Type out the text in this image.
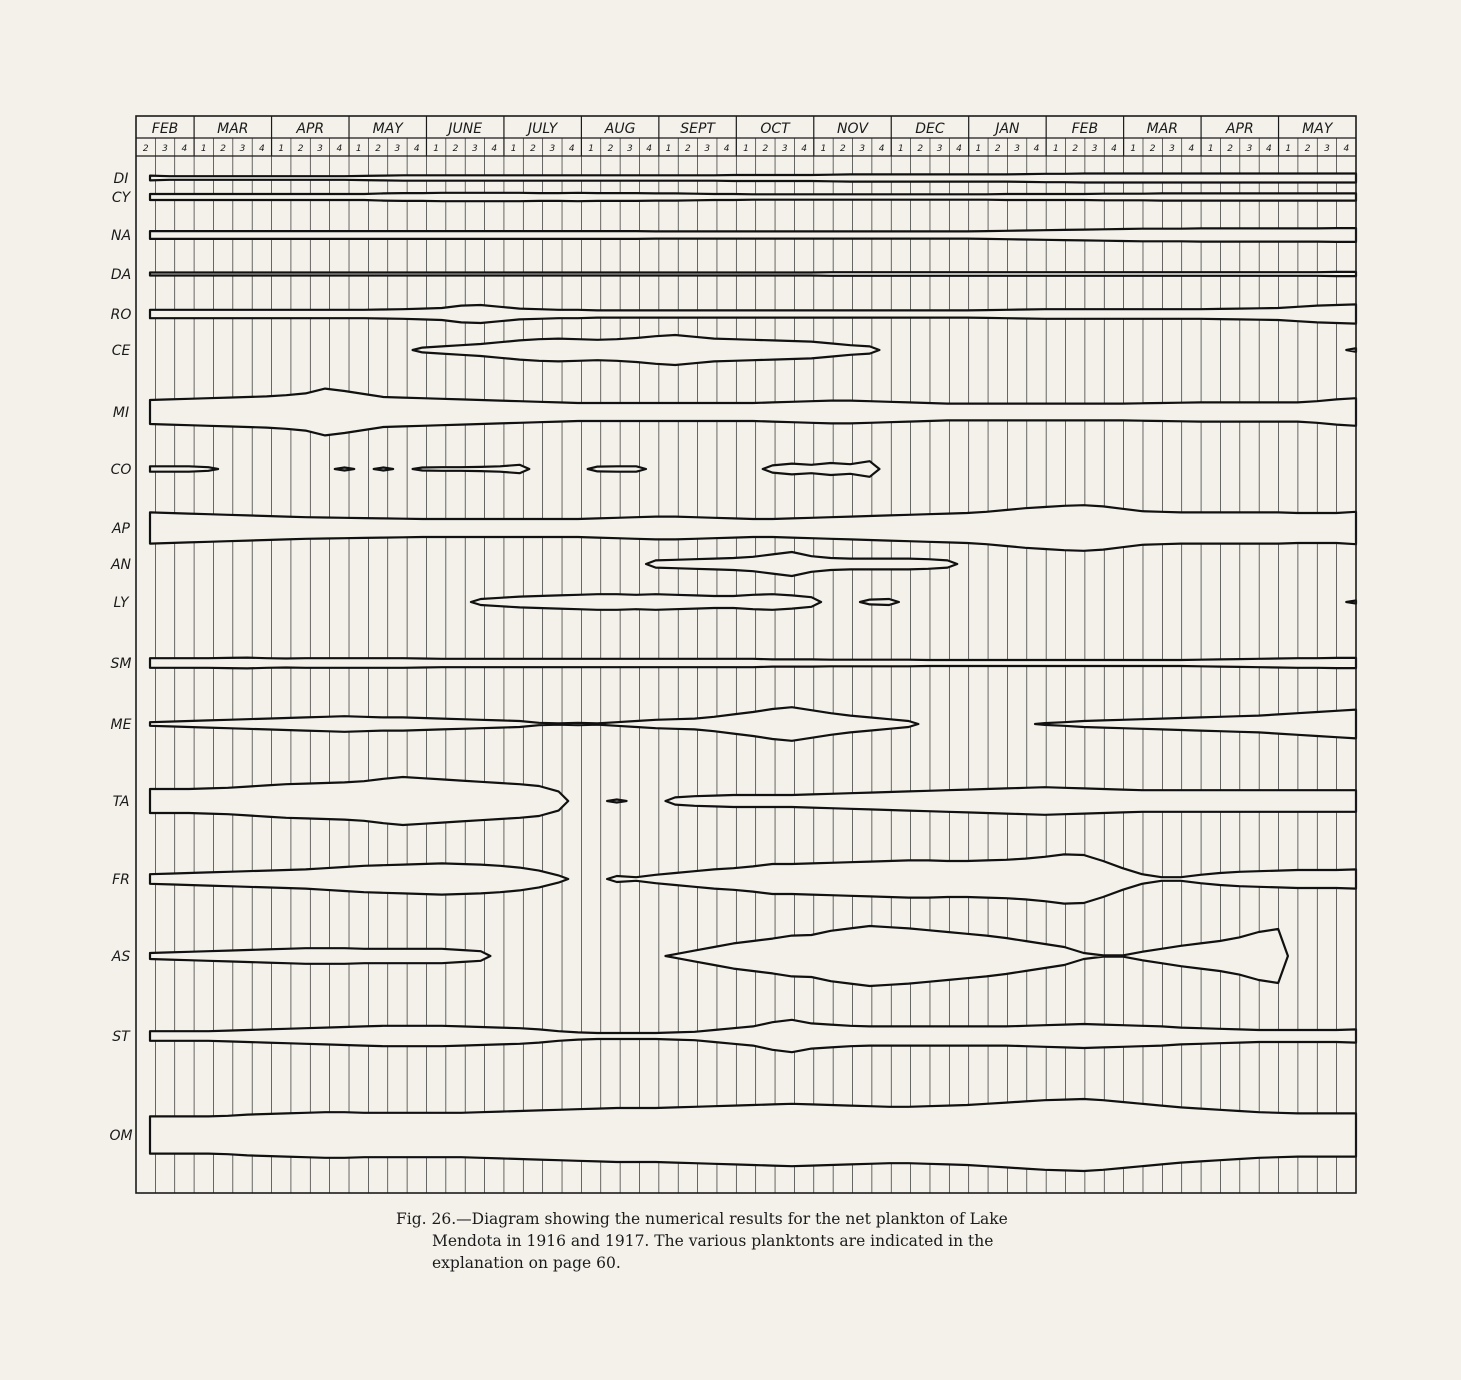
FEB
2 3 4
MAR
1 2 3 4
APR
1 2 3 4
MAY
1 2 3 4
JUNE
1 2 3 4
JULY
1 2 3 4
AUG
1 2 3 4
SEPT
1 2 3 4
OCT
1 2 3 4
NOV
1 2 3 4
DEC
1 2 3 4
JAN
1 2 3 4
FEB
1 2 3 4
MAR
1 2 3 4
APR
1 2 3 4
MAY
1 2 3 4
DI
CY
NA
DA
RO
CE
MI
CO
AP
AN
LY
SM
ME
TA
FR
AS
ST
OM
Fig. 26.—Diagram showing the numerical results for the net plankton of Lake
Mendota in 1916 and 1917. The various planktonts are indicated in the
explanation on page 60.
